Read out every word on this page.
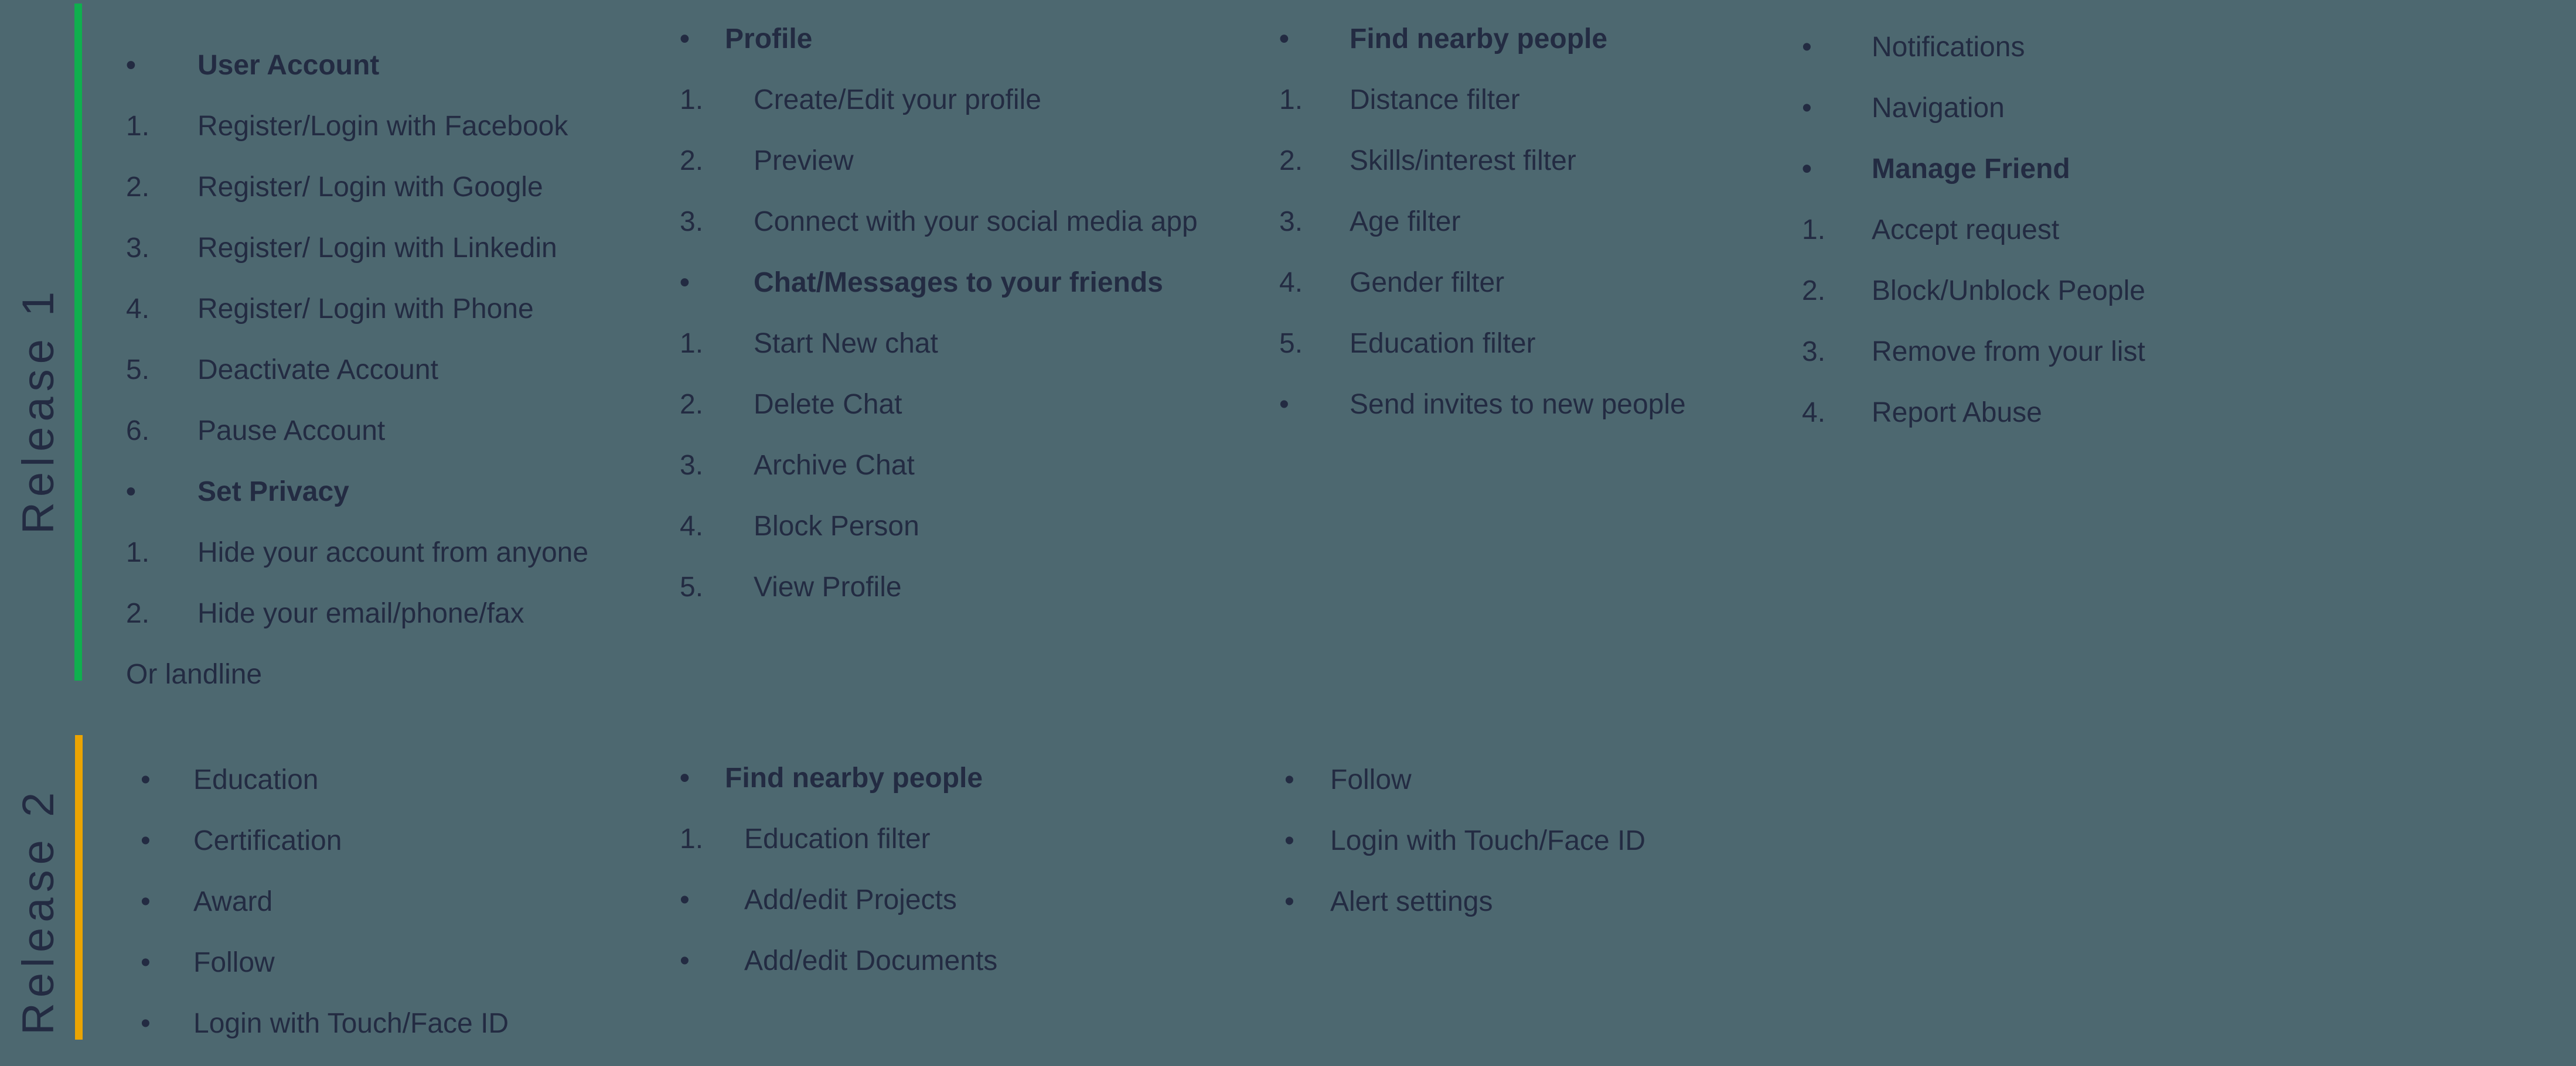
Release 1
Release 2
•	User Account
1.	Register/Login with Facebook
2.	Register/ Login with Google
3.	Register/ Login with Linkedin
4.	Register/ Login with Phone
5.	Deactivate Account
6.	Pause Account
•	Set Privacy
1.	Hide your account from anyone
2.	Hide your email/phone/fax
Or landline
•	Profile
1.	Create/Edit your profile
2.	Preview
3.	Connect with your social media app
•	Chat/Messages to your friends
1.	Start New chat
2.	Delete Chat
3.	Archive Chat
4.	Block Person
5.	View Profile
•	Find nearby people
1.	Distance filter
2.	Skills/interest filter
3.	Age filter
4.	Gender filter
5.	Education filter
•	Send invites to new people
•	Notifications
•	Navigation
•	Manage Friend
1.	Accept request
2.	Block/Unblock People
3.	Remove from your list
4.	Report Abuse
•	Education
•	Certification
•	Award
•	Follow
•	Login with Touch/Face ID
•	Find nearby people
1.	Education filter
•	Add/edit Projects
•	Add/edit Documents
•	Follow
•	Login with Touch/Face ID
•	Alert settings
